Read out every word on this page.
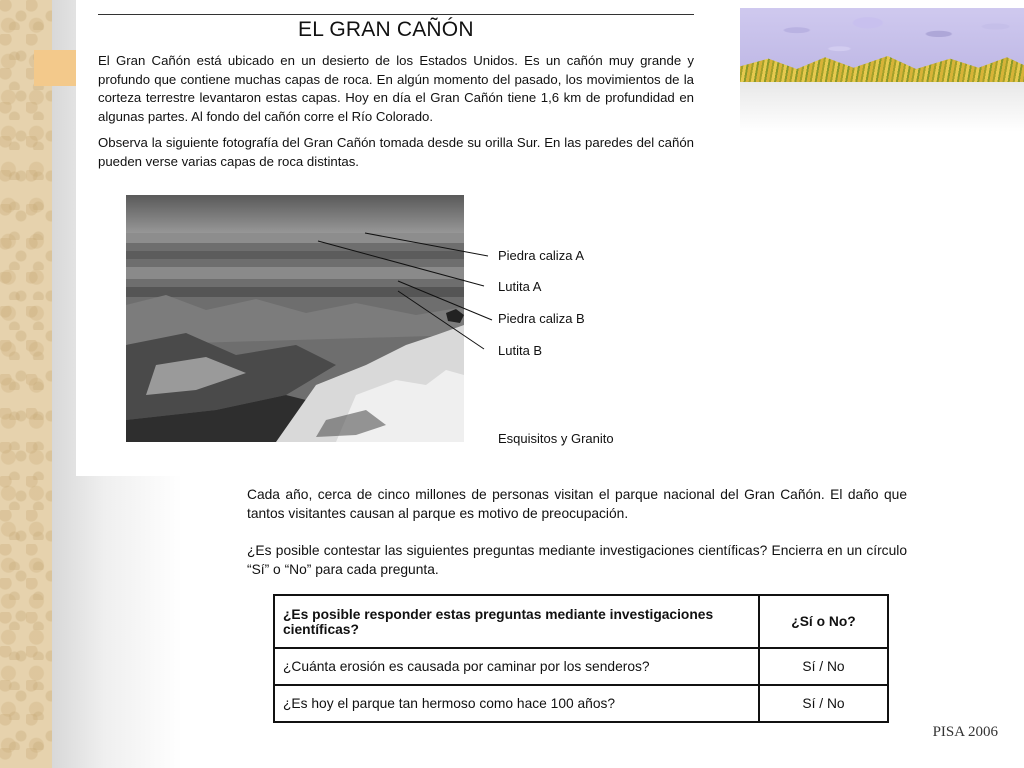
EL GRAN CAÑÓN

El Gran Cañón está ubicado en un desierto de los Estados Unidos. Es un cañón muy grande y profundo que contiene muchas capas de roca. En algún momento del pasado, los movimientos de la corteza terrestre levantaron estas capas. Hoy en día el Gran Cañón tiene 1,6 km de profundidad en algunas partes. Al fondo del cañón corre el Río Colorado.

Observa la siguiente fotografía del Gran Cañón tomada desde su orilla Sur. En las paredes del cañón pueden verse varias capas de roca distintas.

Piedra caliza A
Lutita A
Piedra caliza B
Lutita B
Esquisitos y Granito

Cada año, cerca de cinco millones de personas visitan el parque nacional del Gran Cañón. El daño que tantos visitantes causan al parque es motivo de preocupación.

¿Es posible contestar las siguientes preguntas mediante investigaciones científicas? Encierra en un círculo “Sí” o “No” para cada pregunta.

¿Es posible responder estas preguntas mediante investigaciones científicas?	¿Sí o No?
¿Cuánta erosión es causada por caminar por los senderos?	Sí / No
¿Es hoy el parque tan hermoso como hace 100 años?	Sí / No
PISA 2006
